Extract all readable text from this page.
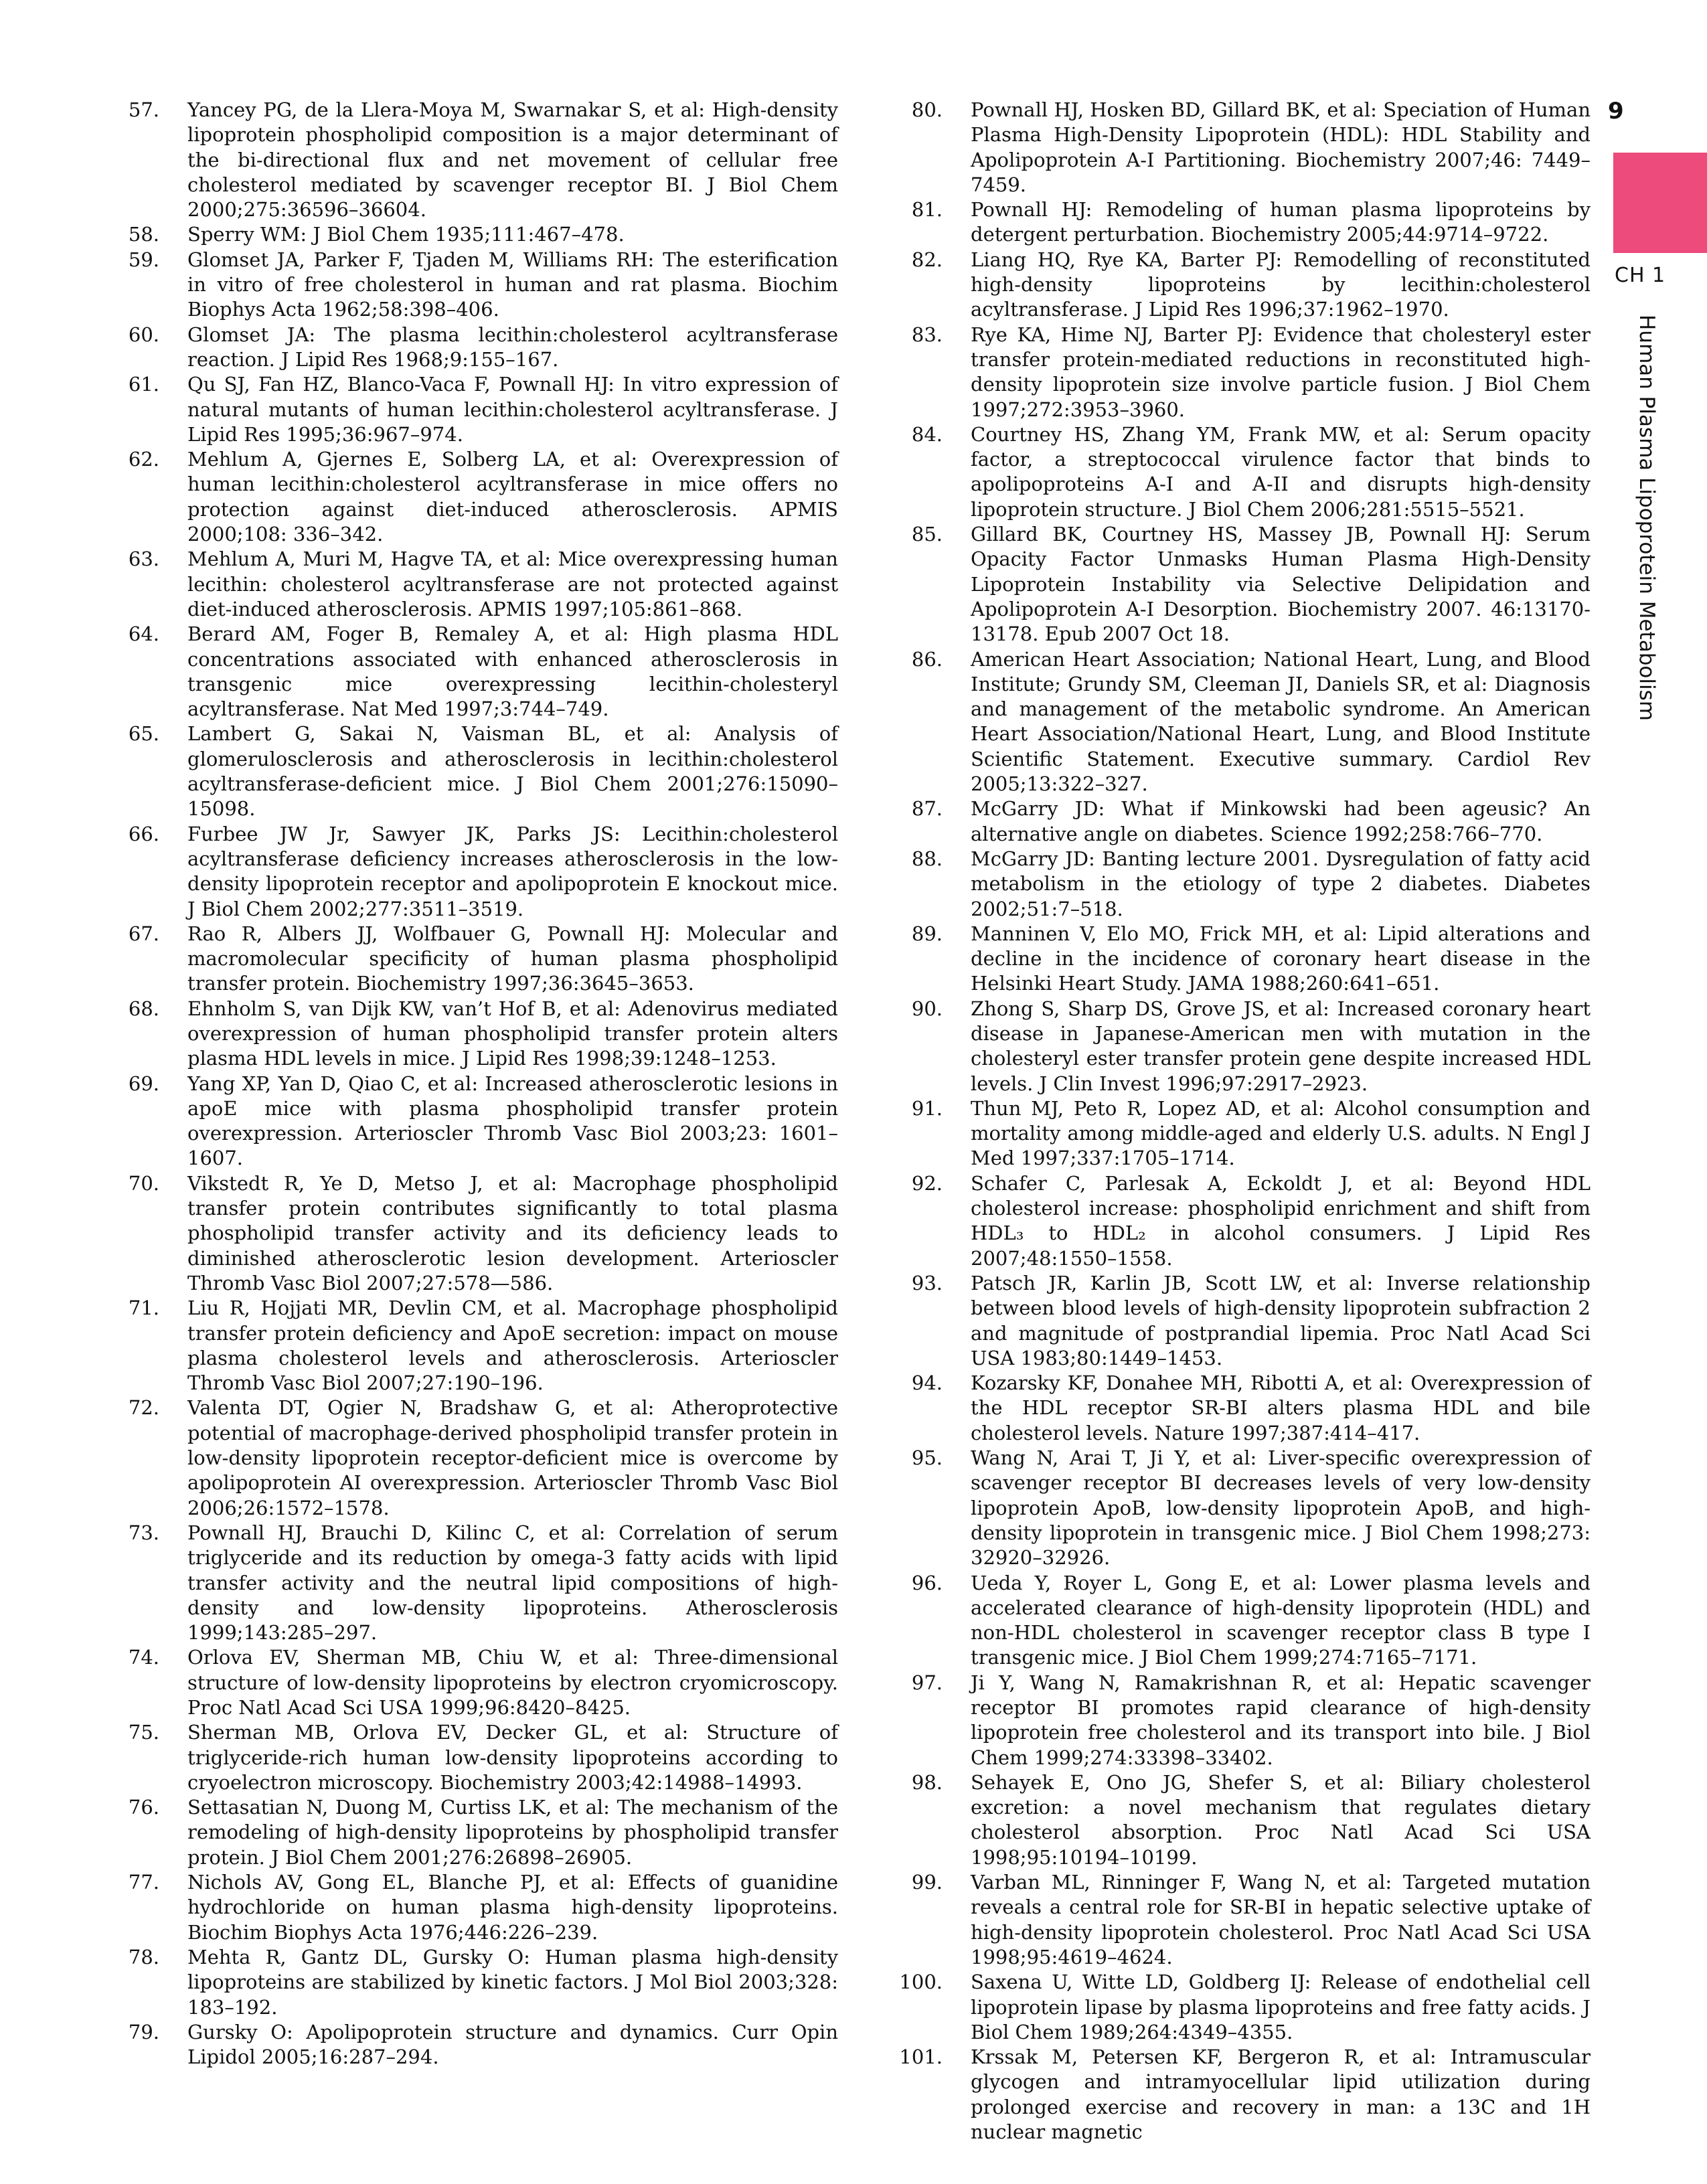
57. Yancey PG, de la Llera-Moya M, Swarnakar S, et al: High-density lipoprotein phospholipid composition is a major determinant of the bi-directional flux and net movement of cellular free cholesterol mediated by scavenger receptor BI. J Biol Chem 2000;275:36596–36604.

58. Sperry WM: J Biol Chem 1935;111:467–478.

59. Glomset JA, Parker F, Tjaden M, Williams RH: The esterification in vitro of free cholesterol in human and rat plasma. Biochim Biophys Acta 1962;58:398–406.

60. Glomset JA: The plasma lecithin:cholesterol acyltransferase reaction. J Lipid Res 1968;9:155–167.

61. Qu SJ, Fan HZ, Blanco-Vaca F, Pownall HJ: In vitro expression of natural mutants of human lecithin:cholesterol acyltransferase. J Lipid Res 1995;36:967–974.

62. Mehlum A, Gjernes E, Solberg LA, et al: Overexpression of human lecithin:cholesterol acyltransferase in mice offers no protection against diet-induced atherosclerosis. APMIS 2000;108: 336–342.

63. Mehlum A, Muri M, Hagve TA, et al: Mice overexpressing human lecithin: cholesterol acyltransferase are not protected against diet-induced atherosclerosis. APMIS 1997;105:861–868.

64. Berard AM, Foger B, Remaley A, et al: High plasma HDL concentrations associated with enhanced atherosclerosis in transgenic mice overexpressing lecithin-cholesteryl acyltransferase. Nat Med 1997;3:744–749.

65. Lambert G, Sakai N, Vaisman BL, et al: Analysis of glomerulosclerosis and atherosclerosis in lecithin:cholesterol acyltransferase-deficient mice. J Biol Chem 2001;276:15090–15098.

66. Furbee JW Jr, Sawyer JK, Parks JS: Lecithin:cholesterol acyltransferase deficiency increases atherosclerosis in the low-density lipoprotein receptor and apolipoprotein E knockout mice. J Biol Chem 2002;277:3511–3519.

67. Rao R, Albers JJ, Wolfbauer G, Pownall HJ: Molecular and macromolecular specificity of human plasma phospholipid transfer protein. Biochemistry 1997;36:3645–3653.

68. Ehnholm S, van Dijk KW, van’t Hof B, et al: Adenovirus mediated overexpression of human phospholipid transfer protein alters plasma HDL levels in mice. J Lipid Res 1998;39:1248–1253.

69. Yang XP, Yan D, Qiao C, et al: Increased atherosclerotic lesions in apoE mice with plasma phospholipid transfer protein overexpression. Arterioscler Thromb Vasc Biol 2003;23: 1601–1607.

70. Vikstedt R, Ye D, Metso J, et al: Macrophage phospholipid transfer protein contributes significantly to total plasma phospholipid transfer activity and its deficiency leads to diminished atherosclerotic lesion development. Arterioscler Thromb Vasc Biol 2007;27:578—586.

71. Liu R, Hojjati MR, Devlin CM, et al. Macrophage phospholipid transfer protein deficiency and ApoE secretion: impact on mouse plasma cholesterol levels and atherosclerosis. Arterioscler Thromb Vasc Biol 2007;27:190–196.

72. Valenta DT, Ogier N, Bradshaw G, et al: Atheroprotective potential of macrophage-derived phospholipid transfer protein in low-density lipoprotein receptor-deficient mice is overcome by apolipoprotein AI overexpression. Arterioscler Thromb Vasc Biol 2006;26:1572–1578.

73. Pownall HJ, Brauchi D, Kilinc C, et al: Correlation of serum triglyceride and its reduction by omega-3 fatty acids with lipid transfer activity and the neutral lipid compositions of high-density and low-density lipoproteins. Atherosclerosis 1999;143:285–297.

74. Orlova EV, Sherman MB, Chiu W, et al: Three-dimensional structure of low-density lipoproteins by electron cryomicroscopy. Proc Natl Acad Sci USA 1999;96:8420–8425.

75. Sherman MB, Orlova EV, Decker GL, et al: Structure of triglyceride-rich human low-density lipoproteins according to cryoelectron microscopy. Biochemistry 2003;42:14988–14993.

76. Settasatian N, Duong M, Curtiss LK, et al: The mechanism of the remodeling of high-density lipoproteins by phospholipid transfer protein. J Biol Chem 2001;276:26898–26905.

77. Nichols AV, Gong EL, Blanche PJ, et al: Effects of guanidine hydrochloride on human plasma high-density lipoproteins. Biochim Biophys Acta 1976;446:226–239.

78. Mehta R, Gantz DL, Gursky O: Human plasma high-density lipoproteins are stabilized by kinetic factors. J Mol Biol 2003;328: 183–192.

79. Gursky O: Apolipoprotein structure and dynamics. Curr Opin Lipidol 2005;16:287–294.

80. Pownall HJ, Hosken BD, Gillard BK, et al: Speciation of Human Plasma High-Density Lipoprotein (HDL): HDL Stability and Apolipoprotein A-I Partitioning. Biochemistry 2007;46: 7449–7459.

81. Pownall HJ: Remodeling of human plasma lipoproteins by detergent perturbation. Biochemistry 2005;44:9714–9722.

82. Liang HQ, Rye KA, Barter PJ: Remodelling of reconstituted high-density lipoproteins by lecithin:cholesterol acyltransferase. J Lipid Res 1996;37:1962–1970.

83. Rye KA, Hime NJ, Barter PJ: Evidence that cholesteryl ester transfer protein-mediated reductions in reconstituted high-density lipoprotein size involve particle fusion. J Biol Chem 1997;272:3953–3960.

84. Courtney HS, Zhang YM, Frank MW, et al: Serum opacity factor, a streptococcal virulence factor that binds to apolipoproteins A-I and A-II and disrupts high-density lipoprotein structure. J Biol Chem 2006;281:5515–5521.

85. Gillard BK, Courtney HS, Massey JB, Pownall HJ: Serum Opacity Factor Unmasks Human Plasma High-Density Lipoprotein Instability via Selective Delipidation and Apolipoprotein A-I Desorption. Biochemistry 2007. 46:13170-13178. Epub 2007 Oct 18.

86. American Heart Association; National Heart, Lung, and Blood Institute; Grundy SM, Cleeman JI, Daniels SR, et al: Diagnosis and management of the metabolic syndrome. An American Heart Association/National Heart, Lung, and Blood Institute Scientific Statement. Executive summary. Cardiol Rev 2005;13:322–327.

87. McGarry JD: What if Minkowski had been ageusic? An alternative angle on diabetes. Science 1992;258:766–770.

88. McGarry JD: Banting lecture 2001. Dysregulation of fatty acid metabolism in the etiology of type 2 diabetes. Diabetes 2002;51:7–518.

89. Manninen V, Elo MO, Frick MH, et al: Lipid alterations and decline in the incidence of coronary heart disease in the Helsinki Heart Study. JAMA 1988;260:641–651.

90. Zhong S, Sharp DS, Grove JS, et al: Increased coronary heart disease in Japanese-American men with mutation in the cholesteryl ester transfer protein gene despite increased HDL levels. J Clin Invest 1996;97:2917–2923.

91. Thun MJ, Peto R, Lopez AD, et al: Alcohol consumption and mortality among middle-aged and elderly U.S. adults. N Engl J Med 1997;337:1705–1714.

92. Schafer C, Parlesak A, Eckoldt J, et al: Beyond HDL cholesterol increase: phospholipid enrichment and shift from HDL₃ to HDL₂ in alcohol consumers. J Lipid Res 2007;48:1550–1558.

93. Patsch JR, Karlin JB, Scott LW, et al: Inverse relationship between blood levels of high-density lipoprotein subfraction 2 and magnitude of postprandial lipemia. Proc Natl Acad Sci USA 1983;80:1449–1453.

94. Kozarsky KF, Donahee MH, Ribotti A, et al: Overexpression of the HDL receptor SR-BI alters plasma HDL and bile cholesterol levels. Nature 1997;387:414–417.

95. Wang N, Arai T, Ji Y, et al: Liver-specific overexpression of scavenger receptor BI decreases levels of very low-density lipoprotein ApoB, low-density lipoprotein ApoB, and high-density lipoprotein in transgenic mice. J Biol Chem 1998;273: 32920–32926.

96. Ueda Y, Royer L, Gong E, et al: Lower plasma levels and accelerated clearance of high-density lipoprotein (HDL) and non-HDL cholesterol in scavenger receptor class B type I transgenic mice. J Biol Chem 1999;274:7165–7171.

97. Ji Y, Wang N, Ramakrishnan R, et al: Hepatic scavenger receptor BI promotes rapid clearance of high-density lipoprotein free cholesterol and its transport into bile. J Biol Chem 1999;274:33398–33402.

98. Sehayek E, Ono JG, Shefer S, et al: Biliary cholesterol excretion: a novel mechanism that regulates dietary cholesterol absorption. Proc Natl Acad Sci USA 1998;95:10194–10199.

99. Varban ML, Rinninger F, Wang N, et al: Targeted mutation reveals a central role for SR-BI in hepatic selective uptake of high-density lipoprotein cholesterol. Proc Natl Acad Sci USA 1998;95:4619–4624.

100. Saxena U, Witte LD, Goldberg IJ: Release of endothelial cell lipoprotein lipase by plasma lipoproteins and free fatty acids. J Biol Chem 1989;264:4349–4355.

101. Krssak M, Petersen KF, Bergeron R, et al: Intramuscular glycogen and intramyocellular lipid utilization during prolonged exercise and recovery in man: a 13C and 1H nuclear magnetic

9
CH 1
Human Plasma Lipoprotein Metabolism
